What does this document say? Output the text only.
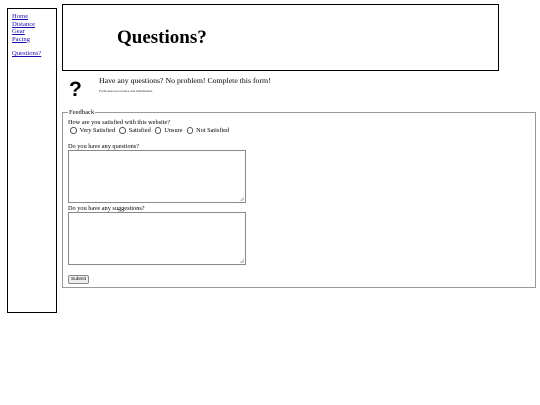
Home
Distance
Gear
Pacing
Questions?
Questions?
? Have any questions? No problem! Complete this form!
Form does not receive real information.
Feedback
How are you satisfied with this website?
Very Satisfied Satisfied Unsure Not Satisfied
Do you have any questions?
Do you have any suggestions?
Submit
